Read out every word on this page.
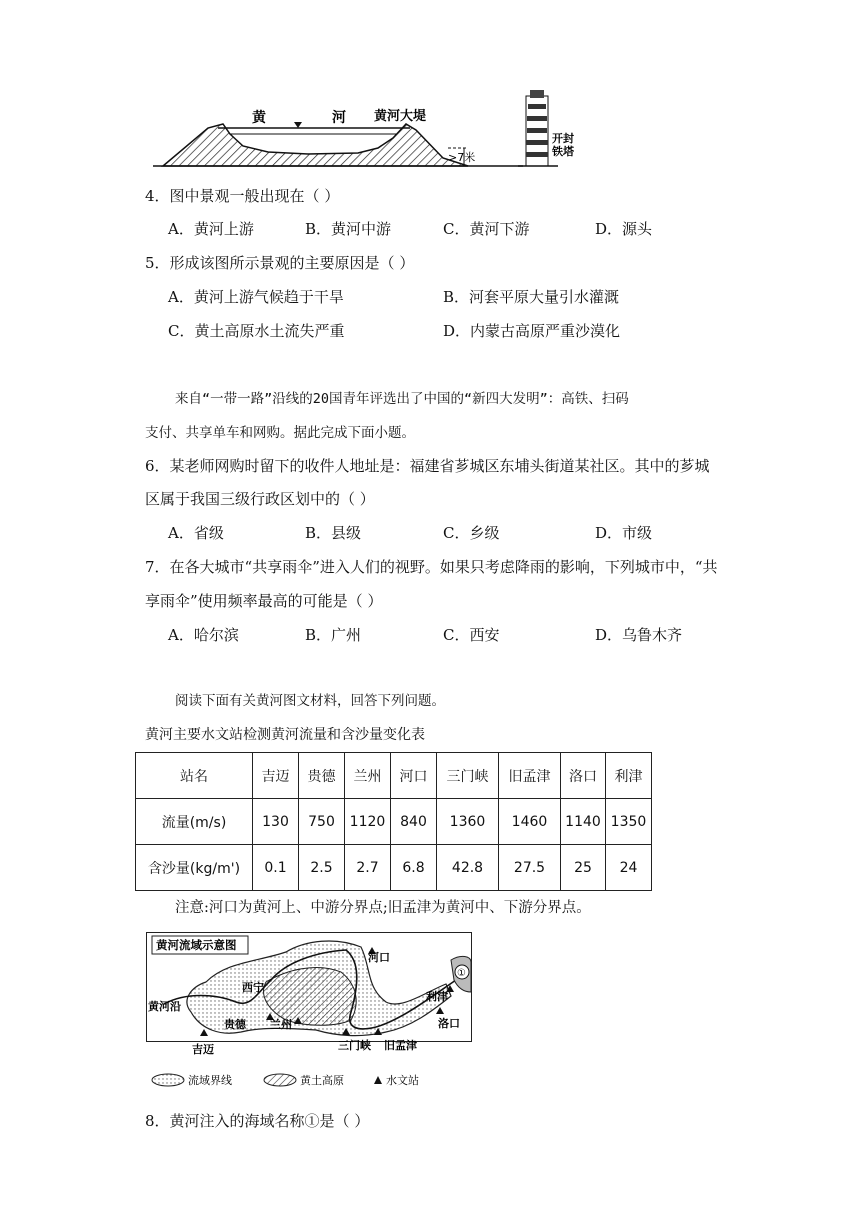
黄	河 黄河大堤
>7米
开封铁塔
4．图中景观一般出现在（ ）
A．黄河上游	B．黄河中游	C．黄河下游	D．源头
5．形成该图所示景观的主要原因是（ ）
A．黄河上游气候趋于干旱	B．河套平原大量引水灌溉
C．黄土高原水土流失严重	D．内蒙古高原严重沙漠化
来自“一带一路”沿线的20国青年评选出了中国的“新四大发明”：高铁、扫码
支付、共享单车和网购。据此完成下面小题。
6．某老师网购时留下的收件人地址是：福建省芗城区东埔头街道某社区。其中的芗城
区属于我国三级行政区划中的（ ）
A．省级	B．县级	C．乡级	D．市级
7．在各大城市“共享雨伞”进入人们的视野。如果只考虑降雨的影响，下列城市中，“共
享雨伞”使用频率最高的可能是（ ）
A．哈尔滨	B．广州	C．西安	D．乌鲁木齐
阅读下面有关黄河图文材料，回答下列问题。
黄河主要水文站检测黄河流量和含沙量变化表
站名	吉迈	贵德	兰州	河口	三门峡	旧孟津	洛口	利津
流量(m/s)	130	750	1120	840	1360	1460	1140	1350
含沙量(kg/m')	0.1	2.5	2.7	6.8	42.8	27.5	25	24
注意:河口为黄河上、中游分界点;旧孟津为黄河中、下游分界点。
黄河流域示意图
河口
西宁
黄河沿
贵德 兰州
吉迈	三门峡 旧孟津
洛口
利津
①
流域界线	黄土高原	水文站
8．黄河注入的海域名称①是（ ）
